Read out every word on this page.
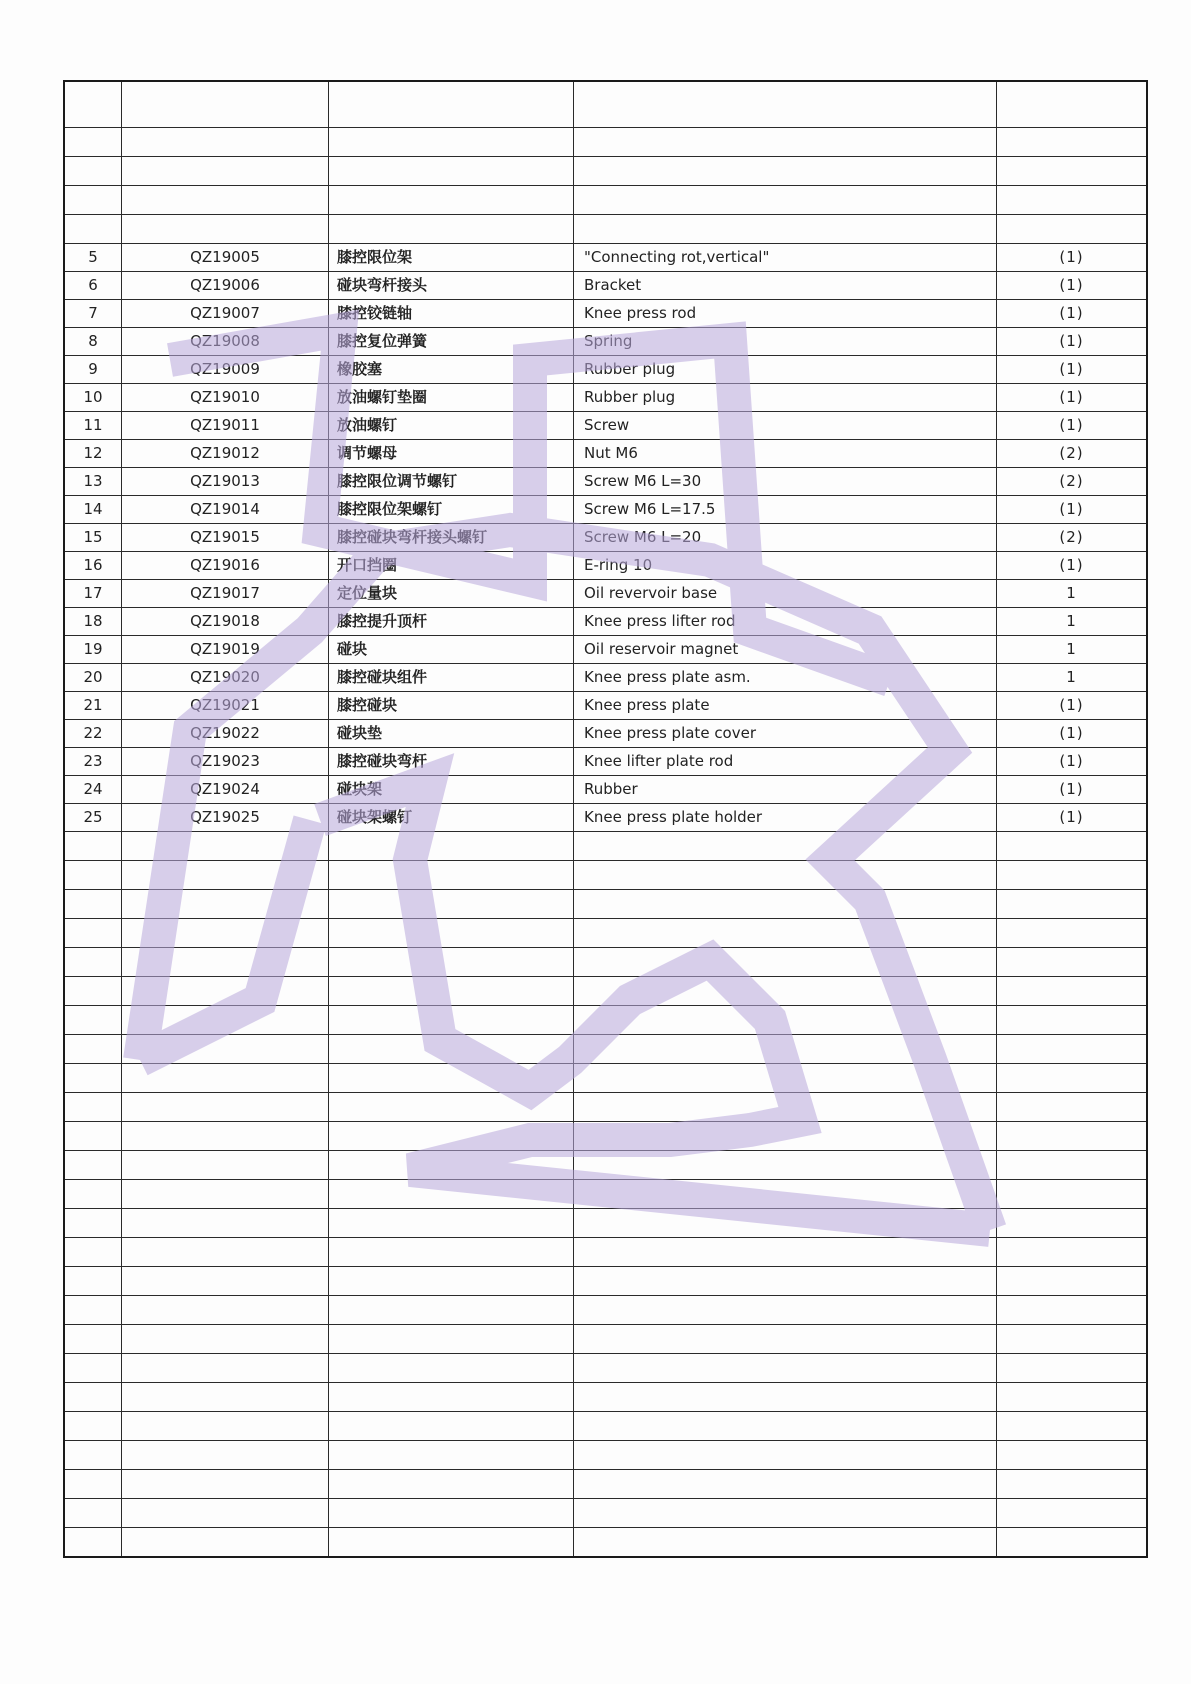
5	QZ19005	膝控限位架	"Connecting rot,vertical"	(1)
6	QZ19006	碰块弯杆接头	Bracket	(1)
7	QZ19007	膝控铰链轴	Knee press rod	(1)
8	QZ19008	膝控复位弹簧	Spring	(1)
9	QZ19009	橡胶塞	Rubber plug	(1)
10	QZ19010	放油螺钉垫圈	Rubber plug	(1)
11	QZ19011	放油螺钉	Screw	(1)
12	QZ19012	调节螺母	Nut M6	(2)
13	QZ19013	膝控限位调节螺钉	Screw M6 L=30	(2)
14	QZ19014	膝控限位架螺钉	Screw M6 L=17.5	(1)
15	QZ19015	膝控碰块弯杆接头螺钉	Screw M6 L=20	(2)
16	QZ19016	开口挡圈	E-ring 10	(1)
17	QZ19017	定位量块	Oil revervoir base	1
18	QZ19018	膝控提升顶杆	Knee press lifter rod	1
19	QZ19019	碰块	Oil reservoir magnet	1
20	QZ19020	膝控碰块组件	Knee press plate asm.	1
21	QZ19021	膝控碰块	Knee press plate	(1)
22	QZ19022	碰块垫	Knee press plate cover	(1)
23	QZ19023	膝控碰块弯杆	Knee lifter plate rod	(1)
24	QZ19024	碰块架	Rubber	(1)
25	QZ19025	碰块架螺钉	Knee press plate holder	(1)
